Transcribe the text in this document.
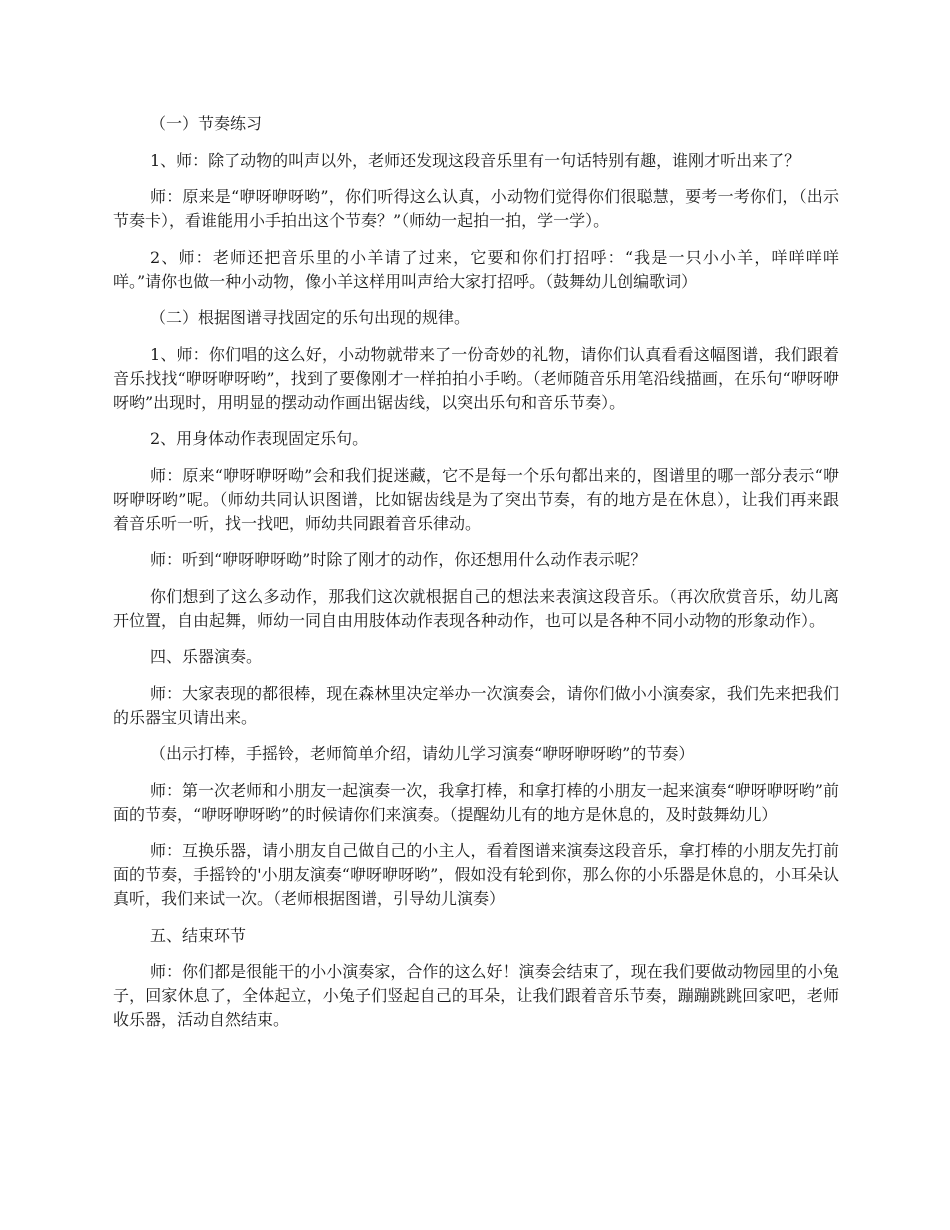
（一）节奏练习

1、师：除了动物的叫声以外，老师还发现这段音乐里有一句话特别有趣，谁刚才听出来了？

师：原来是“咿呀咿呀哟”，你们听得这么认真，小动物们觉得你们很聪慧，要考一考你们，（出示节奏卡），看谁能用小手拍出这个节奏？”（师幼一起拍一拍，学一学）。

2、师：老师还把音乐里的小羊请了过来，它要和你们打招呼：“我是一只小小羊，咩咩咩咩咩。”请你也做一种小动物，像小羊这样用叫声给大家打招呼。（鼓舞幼儿创编歌词）

（二）根据图谱寻找固定的乐句出现的规律。

1、师：你们唱的这么好，小动物就带来了一份奇妙的礼物，请你们认真看看这幅图谱，我们跟着音乐找找“咿呀咿呀哟”，找到了要像刚才一样拍拍小手哟。（老师随音乐用笔沿线描画，在乐句“咿呀咿呀哟”出现时，用明显的摆动动作画出锯齿线，以突出乐句和音乐节奏）。

2、用身体动作表现固定乐句。

师：原来“咿呀咿呀呦”会和我们捉迷藏，它不是每一个乐句都出来的，图谱里的哪一部分表示“咿呀咿呀哟”呢。（师幼共同认识图谱，比如锯齿线是为了突出节奏，有的地方是在休息），让我们再来跟着音乐听一听，找一找吧，师幼共同跟着音乐律动。

师：听到“咿呀咿呀呦”时除了刚才的动作，你还想用什么动作表示呢？

你们想到了这么多动作，那我们这次就根据自己的想法来表演这段音乐。（再次欣赏音乐，幼儿离开位置，自由起舞，师幼一同自由用肢体动作表现各种动作，也可以是各种不同小动物的形象动作）。

四、乐器演奏。

师：大家表现的都很棒，现在森林里决定举办一次演奏会，请你们做小小演奏家，我们先来把我们的乐器宝贝请出来。

（出示打棒，手摇铃，老师简单介绍，请幼儿学习演奏“咿呀咿呀哟”的节奏）

师：第一次老师和小朋友一起演奏一次，我拿打棒，和拿打棒的小朋友一起来演奏“咿呀咿呀哟”前面的节奏，“咿呀咿呀哟”的时候请你们来演奏。（提醒幼儿有的地方是休息的，及时鼓舞幼儿）

师：互换乐器，请小朋友自己做自己的小主人，看着图谱来演奏这段音乐，拿打棒的小朋友先打前面的节奏，手摇铃的'小朋友演奏“咿呀咿呀哟”，假如没有轮到你，那么你的小乐器是休息的，小耳朵认真听，我们来试一次。（老师根据图谱，引导幼儿演奏）

五、结束环节

师：你们都是很能干的小小演奏家，合作的这么好！演奏会结束了，现在我们要做动物园里的小兔子，回家休息了，全体起立，小兔子们竖起自己的耳朵，让我们跟着音乐节奏，蹦蹦跳跳回家吧，老师收乐器，活动自然结束。
